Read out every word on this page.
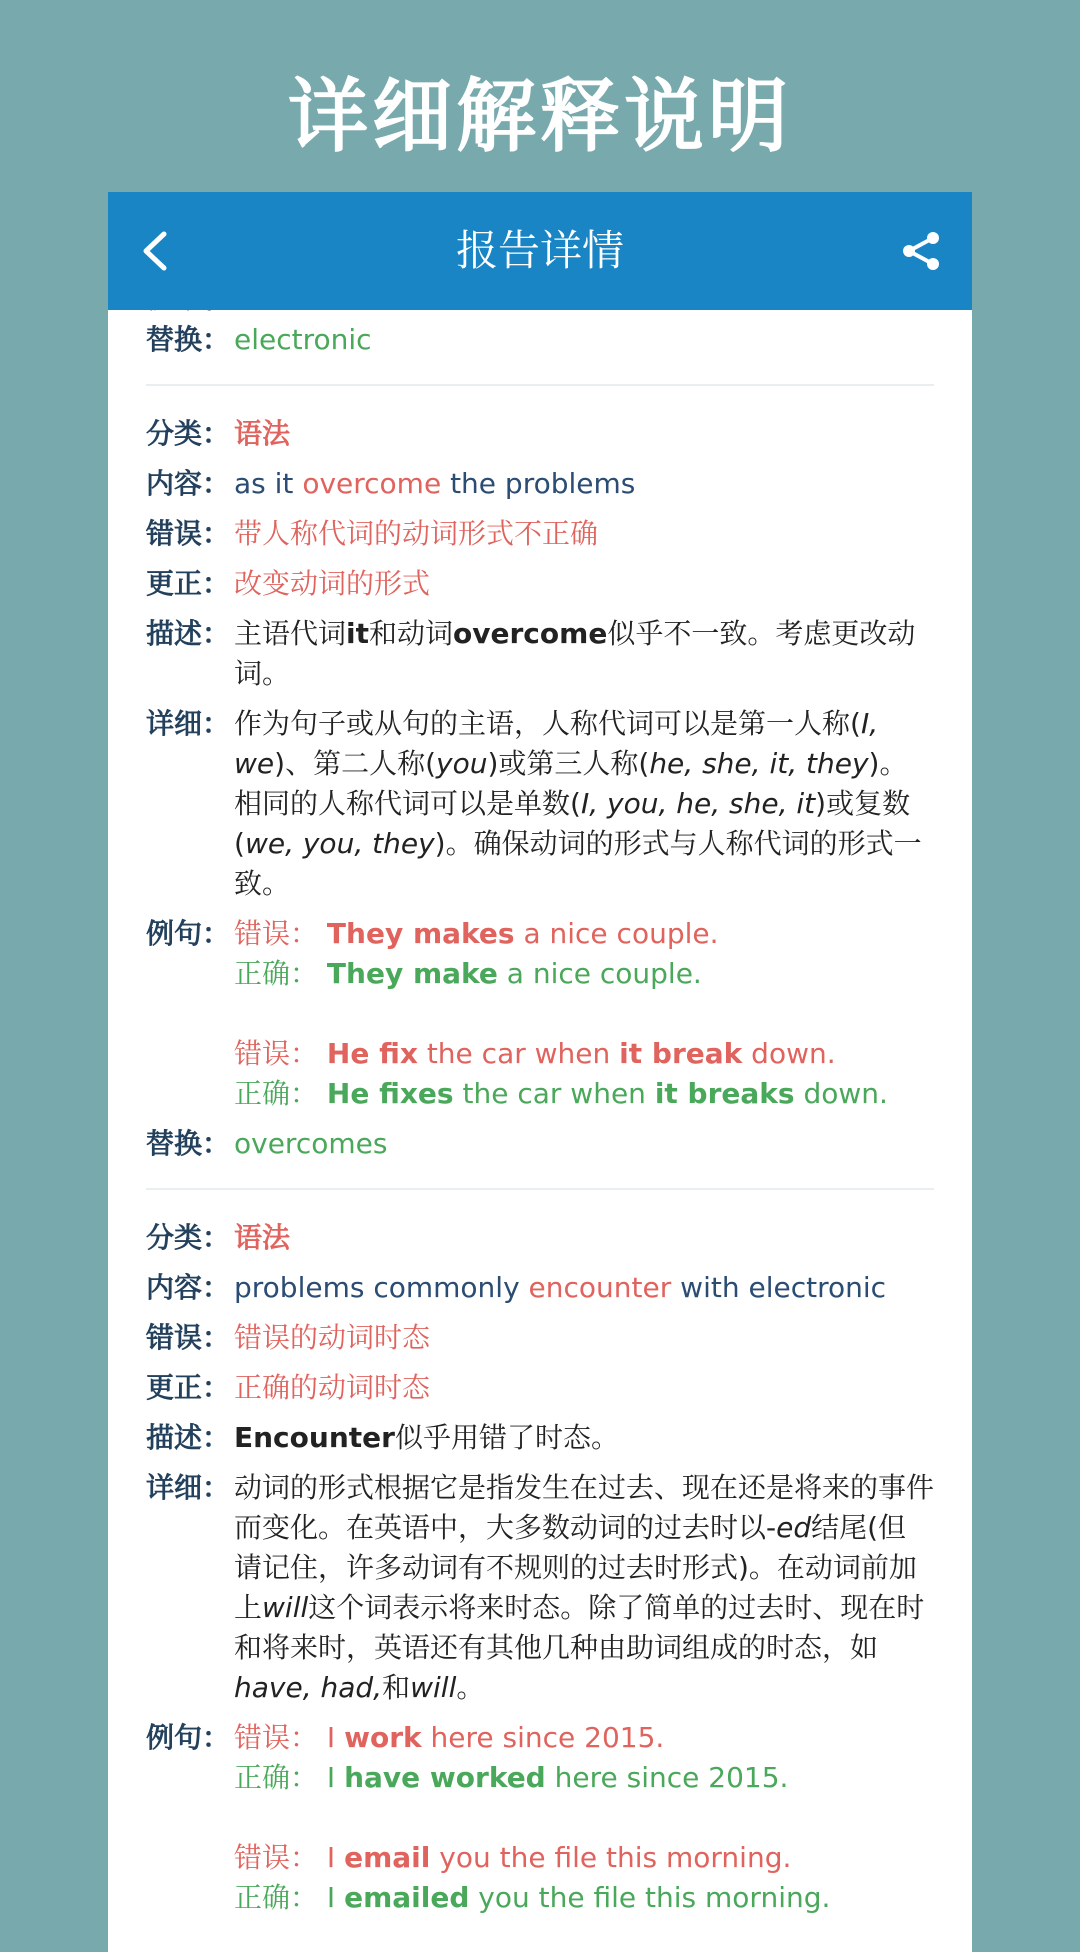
详细解释说明
报告详情
替换： electronic
分类： 语法
内容： as it overcome the problems
错误： 带人称代词的动词形式不正确
更正： 改变动词的形式
描述： 主语代词it和动词overcome似乎不一致。考虑更改动词。
详细： 作为句子或从句的主语，人称代词可以是第一人称(I, we)、第二人称(you)或第三人称(he, she, it, they)。相同的人称代词可以是单数(I, you, he, she, it)或复数(we, you, they)。确保动词的形式与人称代词的形式一致。
例句： 错误： They makes a nice couple.
正确： They make a nice couple.
错误： He fix the car when it break down.
正确： He fixes the car when it breaks down.
替换： overcomes
分类： 语法
内容： problems commonly encounter with electronic
错误： 错误的动词时态
更正： 正确的动词时态
描述： Encounter似乎用错了时态。
详细： 动词的形式根据它是指发生在过去、现在还是将来的事件而变化。在英语中，大多数动词的过去时以-ed结尾(但请记住，许多动词有不规则的过去时形式)。在动词前加上will这个词表示将来时态。除了简单的过去时、现在时和将来时，英语还有其他几种由助词组成的时态，如have, had,和will。
例句： 错误： I work here since 2015.
正确： I have worked here since 2015.
错误： I email you the file this morning.
正确： I emailed you the file this morning.
